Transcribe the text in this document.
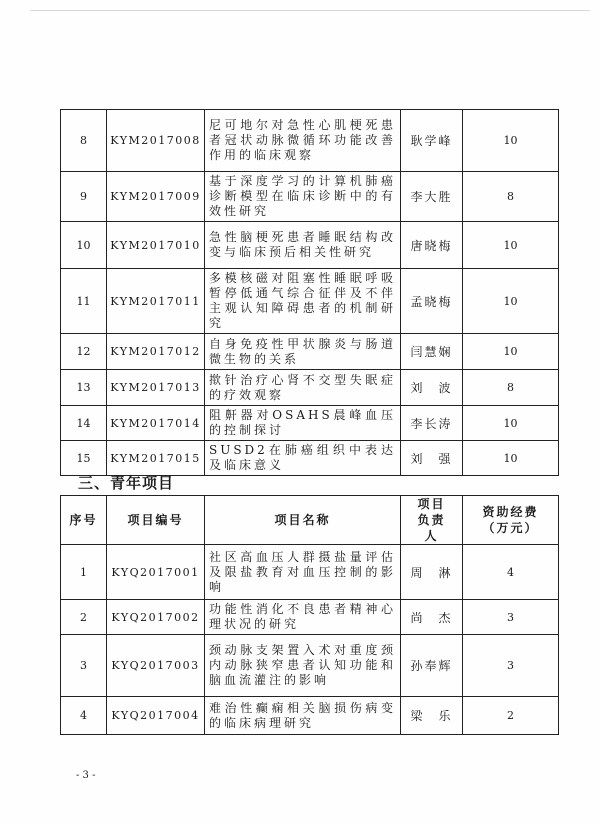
8	KYM2017008	尼可地尔对急性心肌梗死患者冠状动脉微循环功能改善作用的临床观察	耿学峰	10
9	KYM2017009	基于深度学习的计算机肺癌诊断模型在临床诊断中的有效性研究	李大胜	8
10	KYM2017010	急性脑梗死患者睡眠结构改变与临床预后相关性研究	唐晓梅	10
11	KYM2017011	多模核磁对阻塞性睡眠呼吸暂停低通气综合征伴及不伴主观认知障碍患者的机制研究	孟晓梅	10
12	KYM2017012	自身免疫性甲状腺炎与肠道微生物的关系	闫慧娴	10
13	KYM2017013	揿针治疗心肾不交型失眠症的疗效观察	刘　波	8
14	KYM2017014	阻鼾器对OSAHS晨峰血压的控制探讨	李长涛	10
15	KYM2017015	SUSD2在肺癌组织中表达及临床意义	刘　强	10
三、青年项目
序号	项目编号	项目名称	项目负责人	资助经费（万元）
1	KYQ2017001	社区高血压人群摄盐量评估及限盐教育对血压控制的影响	周　淋	4
2	KYQ2017002	功能性消化不良患者精神心理状况的研究	尚　杰	3
3	KYQ2017003	颈动脉支架置入术对重度颈内动脉狭窄患者认知功能和脑血流灌注的影响	孙奉辉	3
4	KYQ2017004	难治性癫痫相关脑损伤病变的临床病理研究	梁　乐	2
- 3 -
